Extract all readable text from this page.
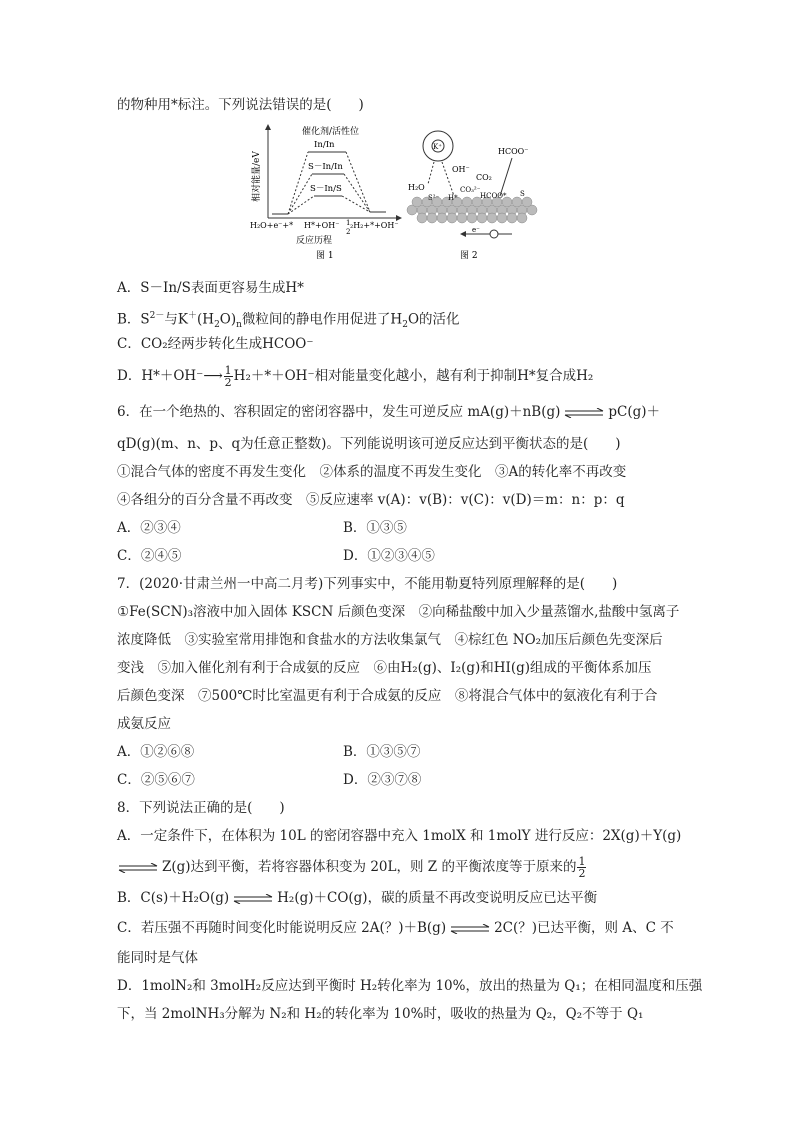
的物种用*标注。下列说法错误的是(　　)
催化剂/活性位
In/In
S－In/In
S－In/S
相对能量/eV
H₂O+e⁻+* H*+OH⁻ 1
2
₂H₂+*+OH⁻
反应历程
图 1
K⁺
H₂O
OH⁻
CO₂
HCOO⁻
CO₃²⁻
S²⁻ H*	HCOO* S
e⁻
图 2
A．S－In/S表面更容易生成H*
B．$S^{2-}$与$K^+(H_2O)_n$微粒间的静电作用促进了$H_2O$的活化
C．CO₂经两步转化生成HCOO⁻
D．H*＋OH⁻⟶ $\frac{1}{2} H_2+*+OH^-$相对能量变化越小，越有利于抑制H*复合成H₂
6．在一个绝热的、容积固定的密闭容器中，发生可逆反应 mA(g)＋nB(g) ⇌ pC(g)＋
qD(g)(m、n、p、q为任意正整数)。下列能说明该可逆反应达到平衡状态的是(　　)
①混合气体的密度不再发生变化　②体系的温度不再发生变化　③A的转化率不再改变
④各组分的百分含量不再改变　⑤反应速率 v(A)：v(B)：v(C)：v(D)＝m：n：p：q
A．②③④	B．①③⑤
C．②④⑤	D．①②③④⑤
7．(2020·甘肃兰州一中高二月考)下列事实中，不能用勒夏特列原理解释的是(　　)
①Fe(SCN)₃溶液中加入固体 KSCN 后颜色变深　②向稀盐酸中加入少量蒸馏水,盐酸中氢离子
浓度降低　③实验室常用排饱和食盐水的方法收集氯气　④棕红色 NO₂加压后颜色先变深后
变浅　⑤加入催化剂有利于合成氨的反应　⑥由H₂(g)、I₂(g)和HI(g)组成的平衡体系加压
后颜色变深　⑦500℃时比室温更有利于合成氨的反应　⑧将混合气体中的氨液化有利于合
成氨反应
A．①②⑥⑧	B．①③⑤⑦
C．②⑤⑥⑦	D．②③⑦⑧
8．下列说法正确的是(　　)
A．一定条件下，在体积为 10L 的密闭容器中充入 1molX 和 1molY 进行反应：2X(g)＋Y(g)
⇌ Z(g)达到平衡，若将容器体积变为 20L，则 Z 的平衡浓度等于原来的 $\frac{1}{2}$
B．C(s)＋H₂O(g) ⇌ H₂(g)＋CO(g)，碳的质量不再改变说明反应已达平衡
C．若压强不再随时间变化时能说明反应 2A(？)＋B(g) ⇌ 2C(？)已达平衡，则 A、C 不
能同时是气体
D．1molN₂和 3molH₂反应达到平衡时 H₂转化率为 10%，放出的热量为 Q₁；在相同温度和压强
下，当 2molNH₃分解为 N₂和 H₂的转化率为 10%时，吸收的热量为 Q₂，Q₂不等于 Q₁
